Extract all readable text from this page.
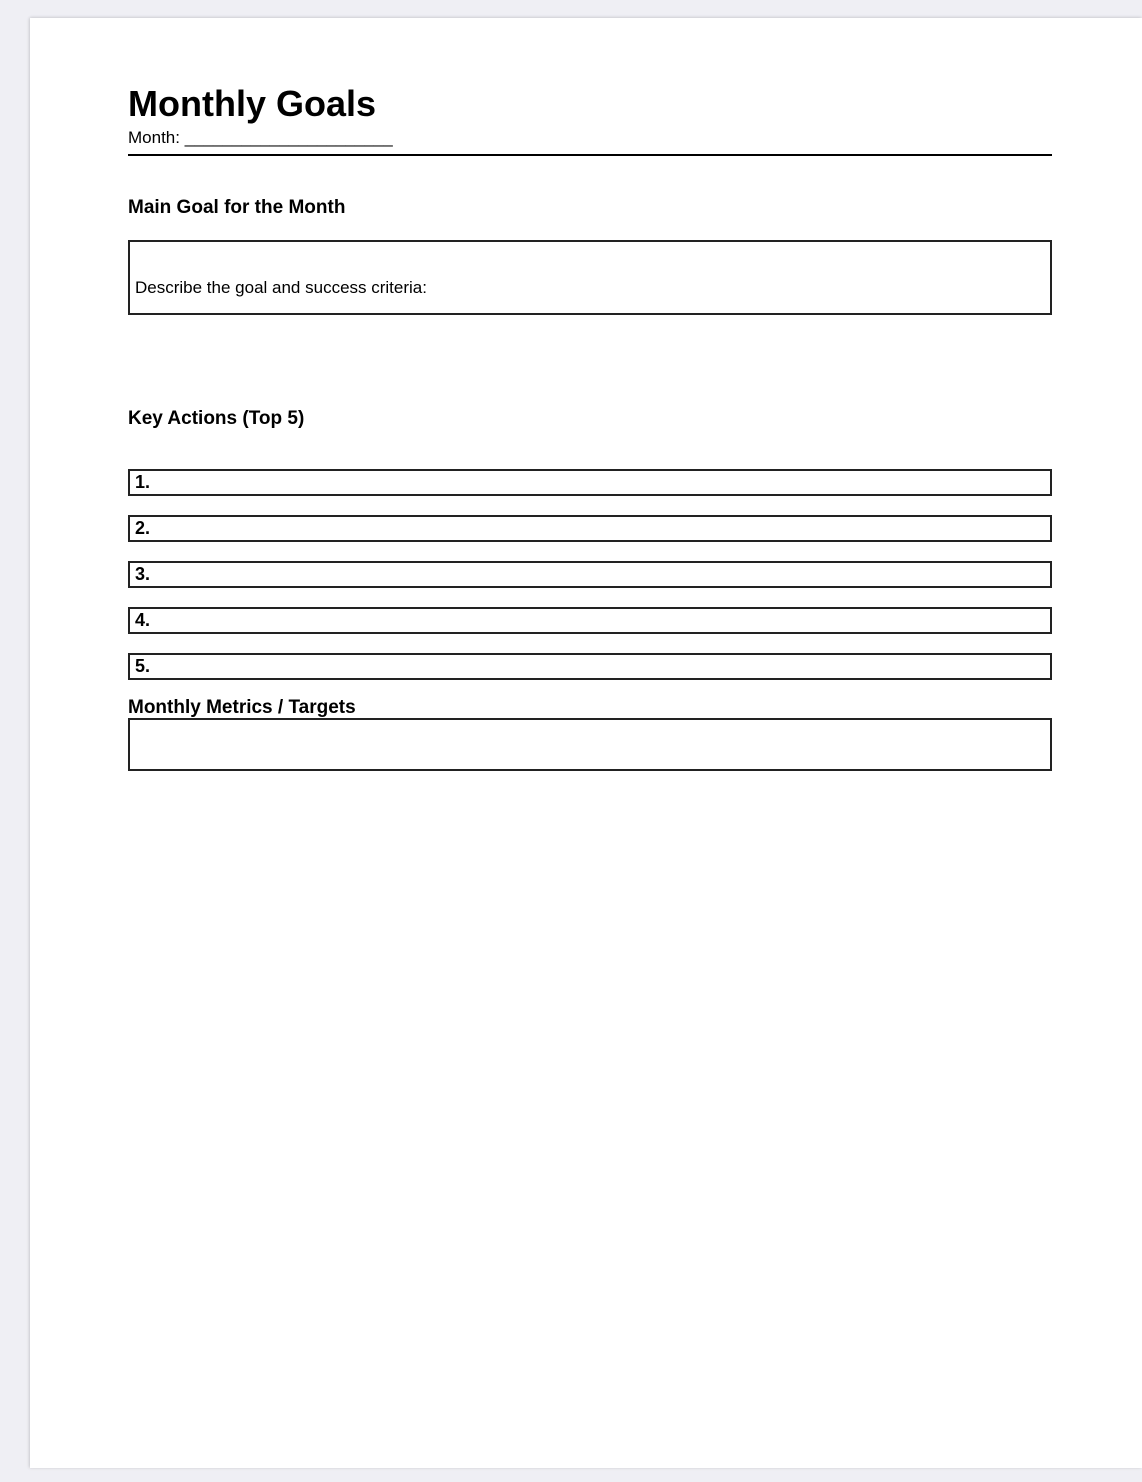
Monthly Goals
Month: ______________________
Main Goal for the Month
Describe the goal and success criteria:
Key Actions (Top 5)
1.
2.
3.
4.
5.
Monthly Metrics / Targets
